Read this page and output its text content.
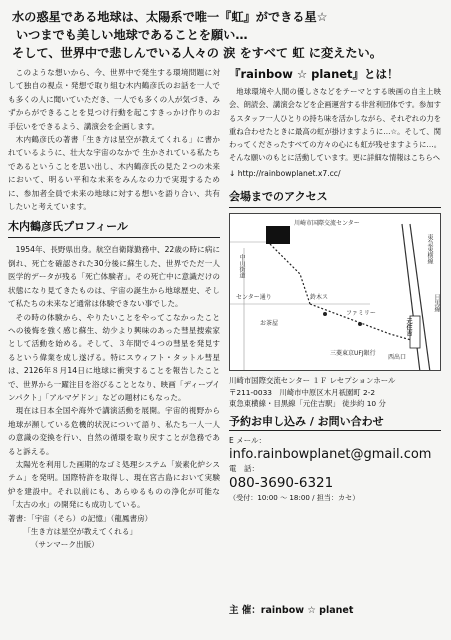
水の惑星である地球は、太陽系で唯一『虹』ができる星☆
いつまでも美しい地球であることを願い…
そして、世界中で悲しんでいる人々の 涙 をすべて 虹 に変えたい。

このような想いから、今、世界中で発生する環境問題に対して独自の視点・発想で取り組む木内鶴彦氏のお話を一人でも多くの人に聞いていただき、一人でも多くの人が気づき、みずからができることを見つけ行動を起こすきっかけ作りのお手伝いをできるよう、講演会を企画します。

木内鶴彦氏の著書「生き方は星空が教えてくれる」に書かれているように、壮大な宇宙のなかで 生かされている私たち であるということを思い出し、木内鶴彦氏の見た２つの未来において、明るい平和な未来をみんなの力で実現するために、参加者全員で未来の地球に対する想いを語り合い、共有したいと考えています。

木内鶴彦氏プロフィール

1954年、長野県出身。航空自衛隊勤務中、22歳の時に病に倒れ、死亡を確認された30分後に蘇生した、世界でただ一人医学的データが残る「死亡体験者」。その死亡中に意識だけの状態になり見てきたものは、宇宙の誕生から地球歴史、そして私たちの未来など通常は体験できない事でした。

その時の体験から、やりたいことをやってこなかったことへの後悔を強く感じ蘇生、幼少より興味のあった彗星捜索家として活動を始める。そして、３年間で４つの彗星を発見するという偉業を成し遂げる。特にスウィフト・タットル彗星は、2126年８月14日に地球に衝突することを報告したことで、世界から一躍注目を浴びることとなり、映画「ディープインパクト」「アルマゲドン」などの題材にもなった。

現在は日本全国や海外で講演活動を展開。宇宙的視野から地球が瀕している危機的状況について語り、私たち一人一人の意識の変換を行い、自然の循環を取り戻すことが急務であると訴える。

太陽光を利用した画期的なゴミ処理システム「炭素化炉システム」を発明。国際特許を取得し、現在宮古島において実験炉を建設中。それ以前にも、あらゆるものの浄化が可能な「太古の水」の開発にも成功している。

著書：「宇宙（そら）の記憶」（龍鳳書房）
「生き方は星空が教えてくれる」
（サンマーク出版）
『rainbow ☆ planet』とは！

地球環境や人間の優しさなどをテーマとする映画の自主上映会、朗読会、講演会などを企画運営する非営利団体です。参加するスタッフ一人ひとりの持ち味を活かしながら、それぞれの力を重ね合わせたときに最高の虹が掛けますように…☆。そして、関わってくださったすべての方々の心にも虹が残せますように…。そんな願いのもとに活動しています。更に詳細な情報はこちらへ

↓ http://rainbowplanet.x7.cc/
会場までのアクセス
川崎市国際交流センター
中山街道
東急東横線
目黒線
センター通り
お茶屋
鈴木ス
ファミリー
三菱東京UFJ銀行
元住吉
西出口
川崎市国際交流センター １Ｆ レセプションホール
〒211-0033　川崎市中原区木月祇園町 2-2
東急東横線・目黒線「元住吉駅」 徒歩約 10 分
予約お申し込み / お問い合わせ
E メール：
info.rainbowplanet@gmail.com
電　話：
080-3690-6321
（受付：10:00 ～ 18:00 / 担当：カセ）
主 催：rainbow ☆ planet
